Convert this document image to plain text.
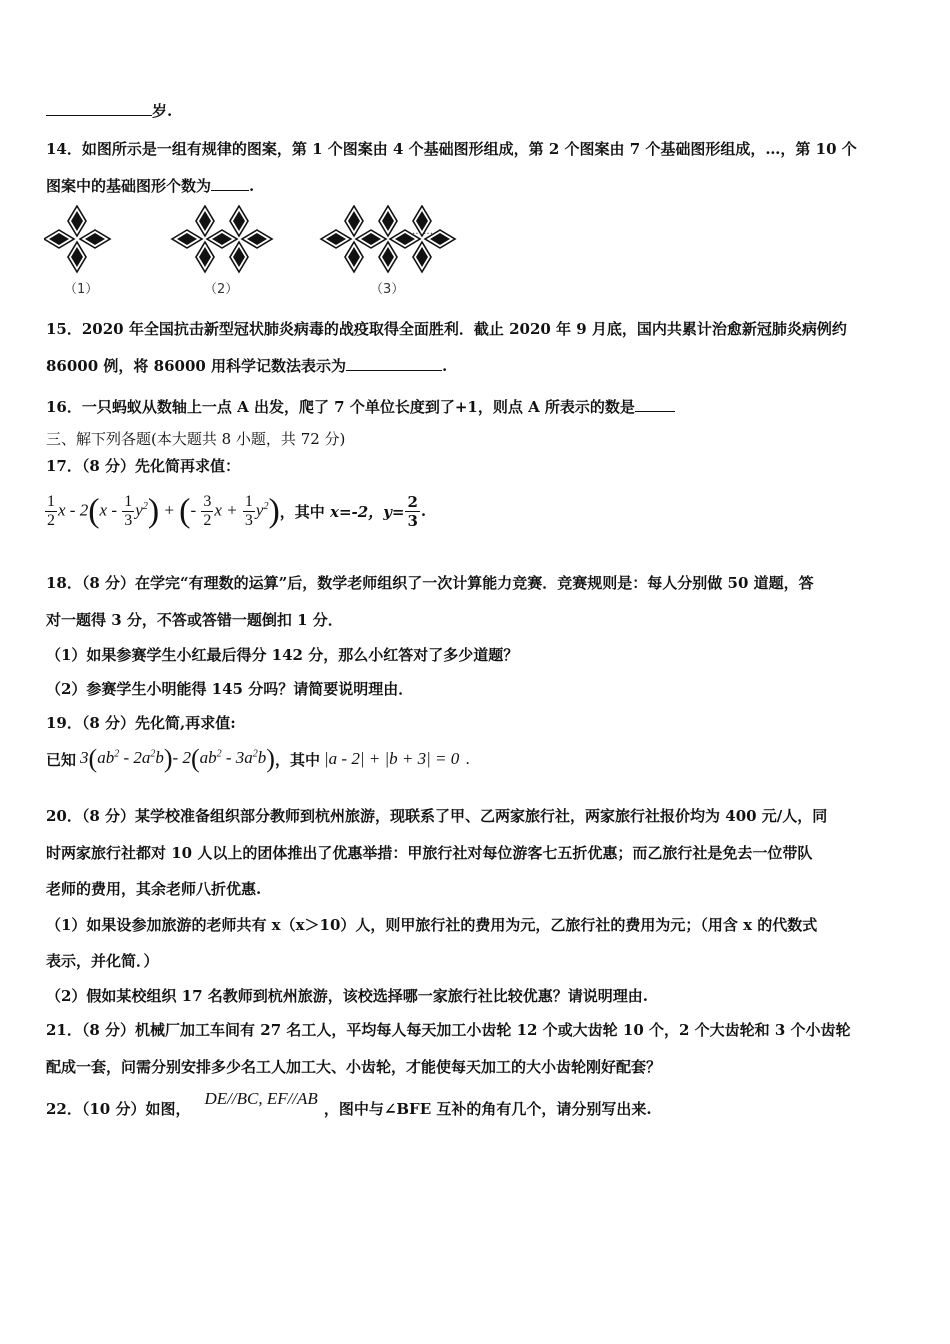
岁.
14．如图所示是一组有规律的图案，第 1 个图案由 4 个基础图形组成，第 2 个图案由 7 个基础图形组成，…，第 10 个
图案中的基础图形个数为	.
……
（1）	（2）	（3）
15．2020 年全国抗击新型冠状肺炎病毒的战疫取得全面胜利．截止 2020 年 9 月底，国内共累计治愈新冠肺炎病例约
86000 例，将 86000 用科学记数法表示为	.
16．一只蚂蚁从数轴上一点 A 出发，爬了 7 个单位长度到了+1，则点 A 所表示的数是
三、解下列各题(本大题共 8 小题，共 72 分)
17．（8 分）先化简再求值：
$\frac{1}{2}$ x - $2(x - \frac{1}{3} y^2)$ + (- $\frac{3}{2}$ $x + \frac{1}{3} y^2$) ，其中 x=-2，$y= \frac{2}{3}$ .
18．（8 分）在学完“有理数的运算”后，数学老师组织了一次计算能力竞赛．竞赛规则是：每人分别做 50 道题，答
对一题得 3 分，不答或答错一题倒扣 1 分．
（1）如果参赛学生小红最后得分 142 分，那么小红答对了多少道题？
（2）参赛学生小明能得 145 分吗？请简要说明理由．
19．（8 分）先化简,再求值:
已知 $3(ab^2 - 2a^2b)-$ $2(ab^2 - 3a^2b)$ ，其中 |a - 2| + |b + 3| = 0 .
20．（8 分）某学校准备组织部分教师到杭州旅游，现联系了甲、乙两家旅行社，两家旅行社报价均为 400 元/人，同
时两家旅行社都对 10 人以上的团体推出了优惠举措：甲旅行社对每位游客七五折优惠；而乙旅行社是免去一位带队
老师的费用，其余老师八折优惠.
（1）如果设参加旅游的老师共有 x（x＞10）人，则甲旅行社的费用为元，乙旅行社的费用为元；（用含 x 的代数式
表示，并化简．）
（2）假如某校组织 17 名教师到杭州旅游，该校选择哪一家旅行社比较优惠？请说明理由.
21．（8 分）机械厂加工车间有 27 名工人，平均每人每天加工小齿轮 12 个或大齿轮 10 个，2 个大齿轮和 3 个小齿轮
配成一套，问需分别安排多少名工人加工大、小齿轮，才能使每天加工的大小齿轮刚好配套？
22．（10 分）如图，
DE//BC, EF//AB
，图中与∠BFE 互补的角有几个，请分别写出来.
